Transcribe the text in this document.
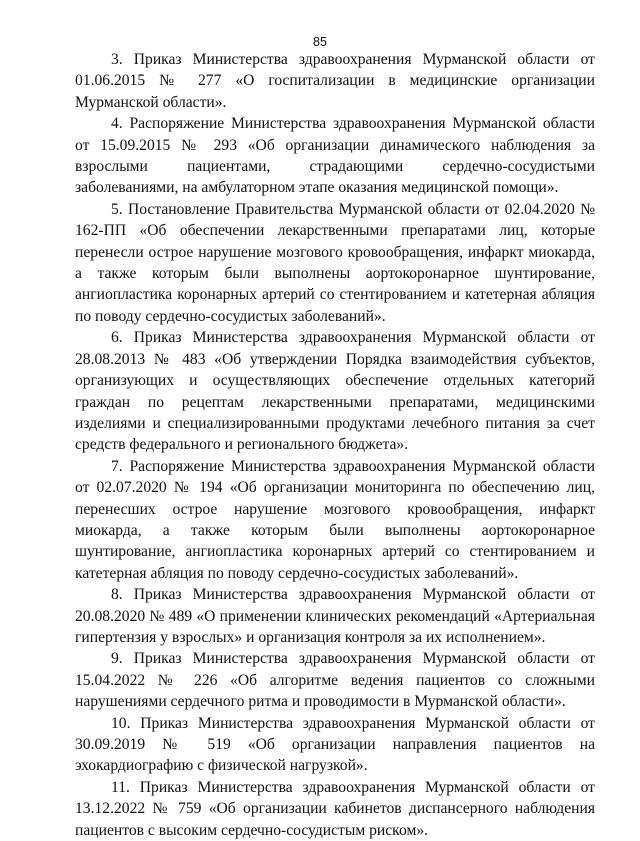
85

3. Приказ Министерства здравоохранения Мурманской области от 01.06.2015 № 277 «О госпитализации в медицинские организации Мурманской области».

4. Распоряжение Министерства здравоохранения Мурманской области от 15.09.2015 № 293 «Об организации динамического наблюдения за взрослыми пациентами, страдающими сердечно-сосудистыми заболеваниями, на амбулаторном этапе оказания медицинской помощи».

5. Постановление Правительства Мурманской области от 02.04.2020 № 162-ПП «Об обеспечении лекарственными препаратами лиц, которые перенесли острое нарушение мозгового кровообращения, инфаркт миокарда, а также которым были выполнены аортокоронарное шунтирование, ангиопластика коронарных артерий со стентированием и катетерная абляция по поводу сердечно-сосудистых заболеваний».

6. Приказ Министерства здравоохранения Мурманской области от 28.08.2013 № 483 «Об утверждении Порядка взаимодействия субъектов, организующих и осуществляющих обеспечение отдельных категорий граждан по рецептам лекарственными препаратами, медицинскими изделиями и специализированными продуктами лечебного питания за счет средств федерального и регионального бюджета».

7. Распоряжение Министерства здравоохранения Мурманской области от 02.07.2020 № 194 «Об организации мониторинга по обеспечению лиц, перенесших острое нарушение мозгового кровообращения, инфаркт миокарда, а также которым были выполнены аортокоронарное шунтирование, ангиопластика коронарных артерий со стентированием и катетерная абляция по поводу сердечно-сосудистых заболеваний».

8. Приказ Министерства здравоохранения Мурманской области от 20.08.2020 № 489 «О применении клинических рекомендаций «Артериальная гипертензия у взрослых» и организация контроля за их исполнением».

9. Приказ Министерства здравоохранения Мурманской области от 15.04.2022 № 226 «Об алгоритме ведения пациентов со сложными нарушениями сердечного ритма и проводимости в Мурманской области».

10. Приказ Министерства здравоохранения Мурманской области от 30.09.2019 № 519 «Об организации направления пациентов на эхокардиографию с физической нагрузкой».

11. Приказ Министерства здравоохранения Мурманской области от 13.12.2022 № 759 «Об организации кабинетов диспансерного наблюдения пациентов с высоким сердечно-сосудистым риском».
